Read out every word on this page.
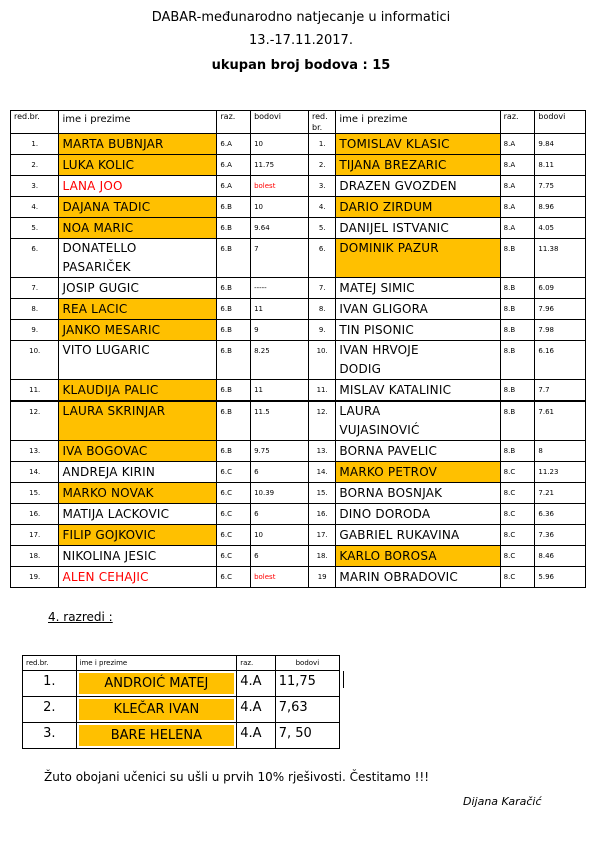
DABAR-međunarodno natjecanje u informatici
13.-17.11.2017.
ukupan broj bodova : 15
red.br.	ime i prezime	raz.	bodovi	red.
br.	ime i prezime	raz.	bodovi
1.	MARTA BUBNJAR	6.A	10	1.	TOMISLAV KLASIC	8.A	9.84
2.	LUKA KOLIC	6.A	11.75	2.	TIJANA BREZARIC	8.A	8.11
3.	LANA JOO	6.A	bolest	3.	DRAZEN GVOZDEN	8.A	7.75
4.	DAJANA TADIC	6.B	10	4.	DARIO ZIRDUM	8.A	8.96
5.	NOA MARIC	6.B	9.64	5.	DANIJEL ISTVANIC	8.A	4.05
6.	DONATELLO
PASARIČEK	6.B	7	6.	DOMINIK PAZUR	8.B	11.38
7.	JOSIP GUGIC	6.B	-----	7.	MATEJ SIMIC	8.B	6.09
8.	REA LACIC	6.B	11	8.	IVAN GLIGORA	8.B	7.96
9.	JANKO MESARIC	6.B	9	9.	TIN PISONIC	8.B	7.98
10.	VITO LUGARIC	6.B	8.25	10.	IVAN HRVOJE
DODIG	8.B	6.16
11.	KLAUDIJA PALIC	6.B	11	11.	MISLAV KATALINIC	8.B	7.7
12.	LAURA SKRINJAR	6.B	11.5	12.	LAURA
VUJASINOVIĆ	8.B	7.61
13.	IVA BOGOVAC	6.B	9.75	13.	BORNA PAVELIC	8.B	8
14.	ANDREJA KIRIN	6.C	6	14.	MARKO PETROV	8.C	11.23
15.	MARKO NOVAK	6.C	10.39	15.	BORNA BOSNJAK	8.C	7.21
16.	MATIJA LACKOVIC	6.C	6	16.	DINO DORODA	8.C	6.36
17.	FILIP GOJKOVIC	6.C	10	17.	GABRIEL RUKAVINA	8.C	7.36
18.	NIKOLINA JESIC	6.C	6	18.	KARLO BOROSA	8.C	8.46
19.	ALEN CEHAJIC	6.C	bolest	19	MARIN OBRADOVIC	8.C	5.96
4. razredi :
red.br.	ime i prezime	raz.	bodovi
1.	ANDROIĆ MATEJ	4.A	11,75
2.	KLEČAR IVAN	4.A	7,63
3.	BARE HELENA	4.A	7, 50
Žuto obojani učenici su ušli u prvih 10% rješivosti. Čestitamo !!!
Dijana Karačić
